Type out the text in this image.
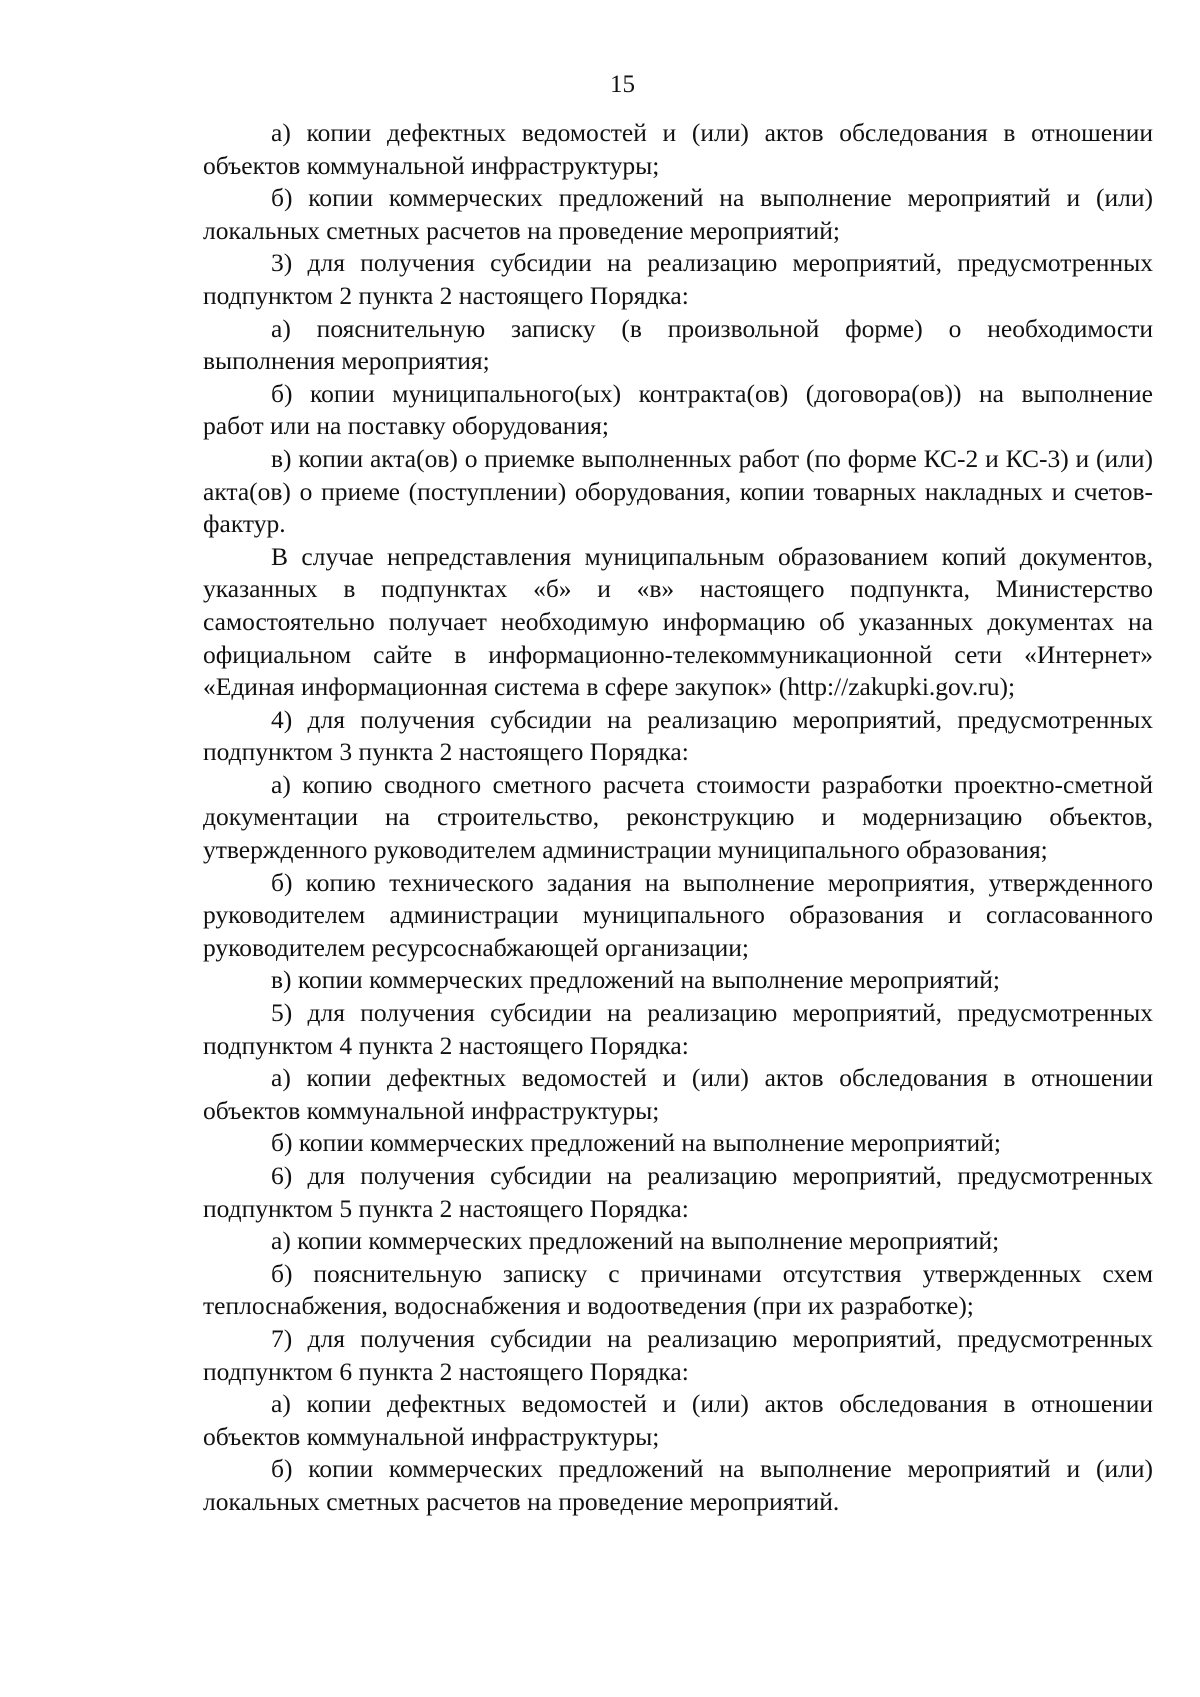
15

а) копии дефектных ведомостей и (или) актов обследования в отношении объектов коммунальной инфраструктуры;

б) копии коммерческих предложений на выполнение мероприятий и (или) локальных сметных расчетов на проведение мероприятий;

3) для получения субсидии на реализацию мероприятий, предусмотренных подпунктом 2 пункта 2 настоящего Порядка:

а) пояснительную записку (в произвольной форме) о необходимости выполнения мероприятия;

б) копии муниципального(ых) контракта(ов) (договора(ов)) на выполнение работ или на поставку оборудования;

в) копии акта(ов) о приемке выполненных работ (по форме КС-2 и КС-3) и (или) акта(ов) о приеме (поступлении) оборудования, копии товарных накладных и счетов-фактур.

В случае непредставления муниципальным образованием копий документов, указанных в подпунктах «б» и «в» настоящего подпункта, Министерство самостоятельно получает необходимую информацию об указанных документах на официальном сайте в информационно-телекоммуникационной сети «Интернет» «Единая информационная система в сфере закупок» (http://zakupki.gov.ru);

4) для получения субсидии на реализацию мероприятий, предусмотренных подпунктом 3 пункта 2 настоящего Порядка:

а) копию сводного сметного расчета стоимости разработки проектно-сметной документации на строительство, реконструкцию и модернизацию объектов, утвержденного руководителем администрации муниципального образования;

б) копию технического задания на выполнение мероприятия, утвержденного руководителем администрации муниципального образования и согласованного руководителем ресурсоснабжающей организации;

в) копии коммерческих предложений на выполнение мероприятий;

5) для получения субсидии на реализацию мероприятий, предусмотренных подпунктом 4 пункта 2 настоящего Порядка:

а) копии дефектных ведомостей и (или) актов обследования в отношении объектов коммунальной инфраструктуры;

б) копии коммерческих предложений на выполнение мероприятий;

6) для получения субсидии на реализацию мероприятий, предусмотренных подпунктом 5 пункта 2 настоящего Порядка:

а) копии коммерческих предложений на выполнение мероприятий;

б) пояснительную записку с причинами отсутствия утвержденных схем теплоснабжения, водоснабжения и водоотведения (при их разработке);

7) для получения субсидии на реализацию мероприятий, предусмотренных подпунктом 6 пункта 2 настоящего Порядка:

а) копии дефектных ведомостей и (или) актов обследования в отношении объектов коммунальной инфраструктуры;

б) копии коммерческих предложений на выполнение мероприятий и (или) локальных сметных расчетов на проведение мероприятий.
